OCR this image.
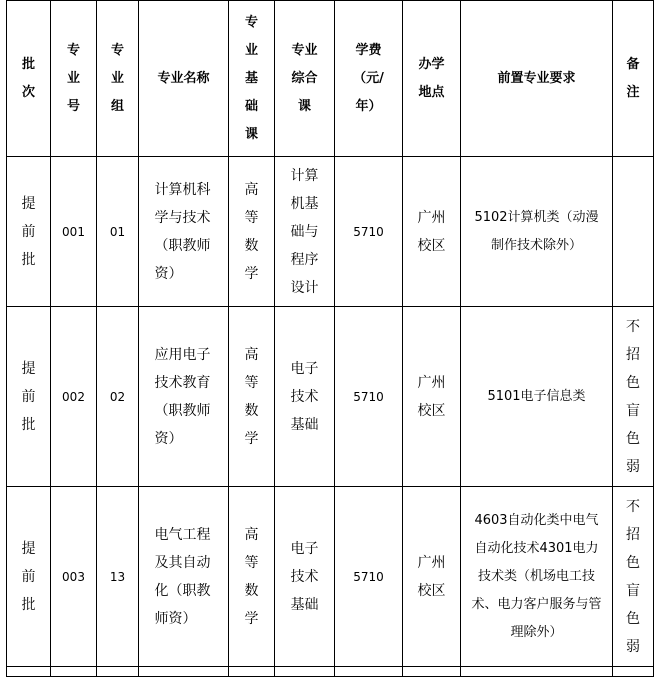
批次	专业号	专业组	专业名称	专业基础课	专业综合课	学费（元/年）	办学地点	前置专业要求	备注
提前批	001	01	计算机科学与技术（职教师资）	高等数学	计算机基础与程序设计	5710	广州校区	5102计算机类（动漫制作技术除外）	
提前批	002	02	应用电子技术教育（职教师资）	高等数学	电子技术基础	5710	广州校区	5101电子信息类	不招色盲色弱
提前批	003	13	电气工程及其自动化（职教师资）	高等数学	电子技术基础	5710	广州校区	4603自动化类中电气自动化技术4301电力技术类（机场电工技术、电力客户服务与管理除外）	不招色盲色弱
